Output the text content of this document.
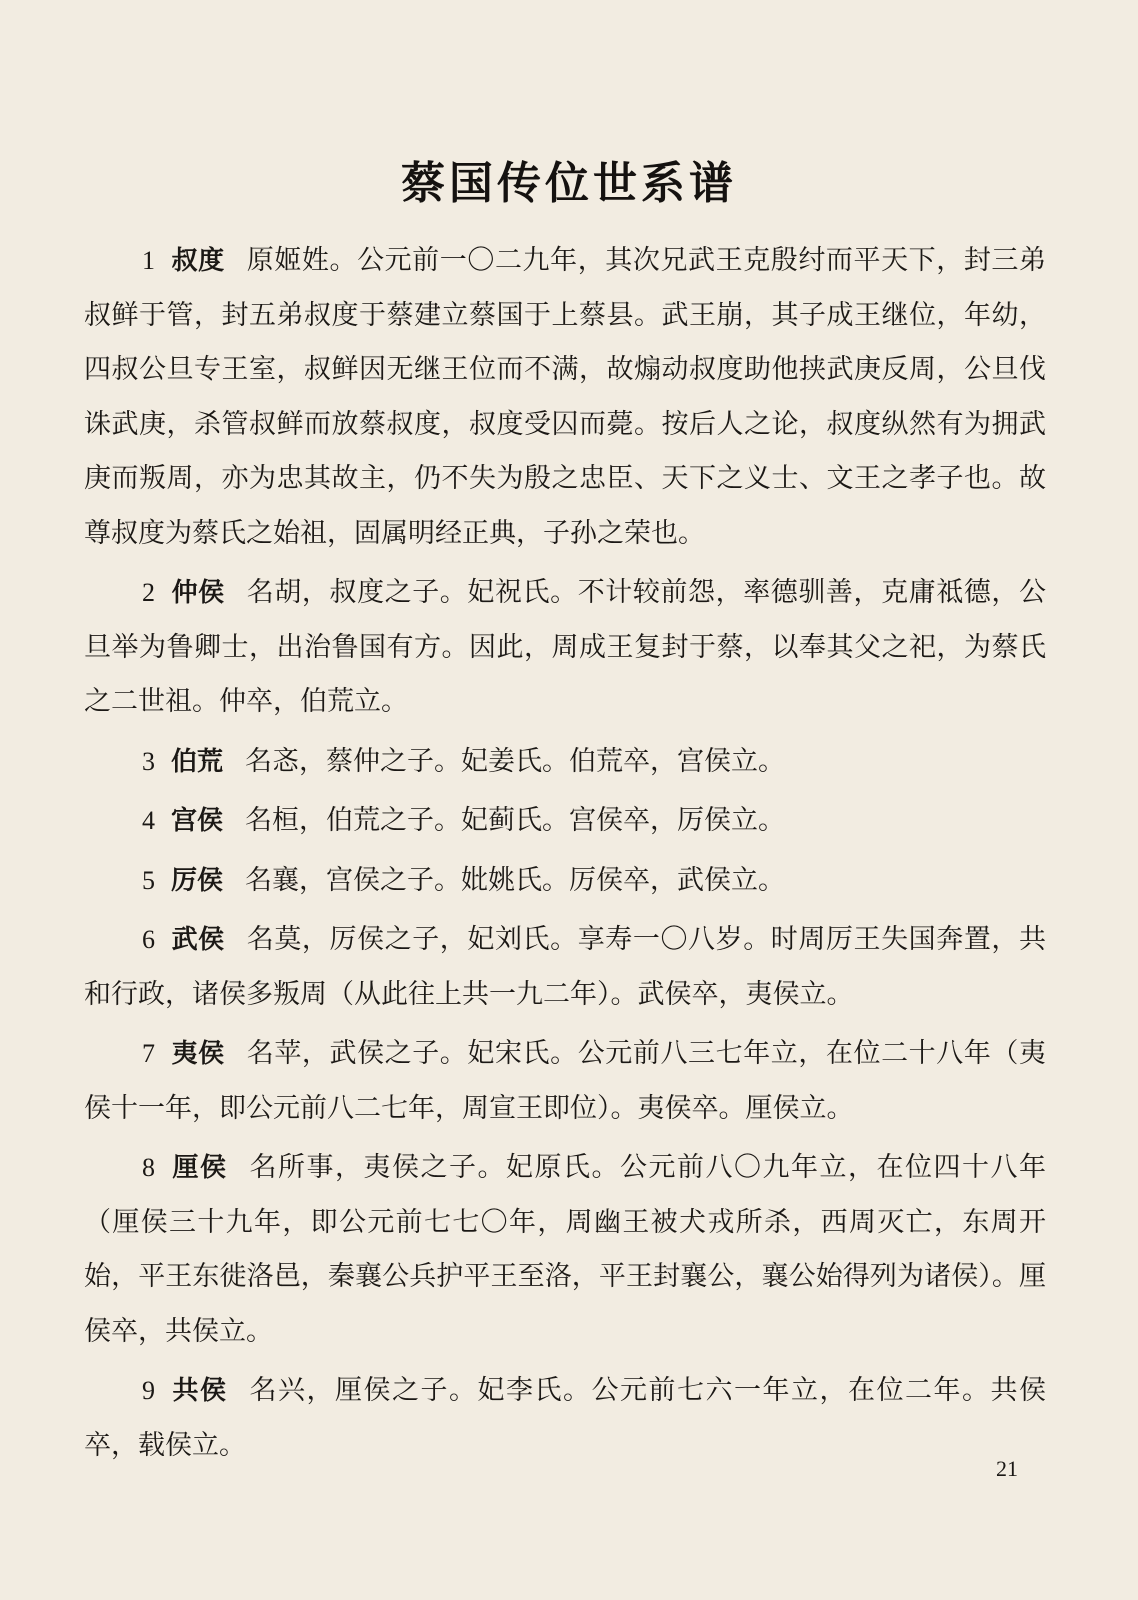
蔡国传位世系谱

1 叔度 原姬姓。公元前一〇二九年，其次兄武王克殷纣而平天下，封三弟叔鲜于管，封五弟叔度于蔡建立蔡国于上蔡县。武王崩，其子成王继位，年幼，四叔公旦专王室，叔鲜因无继王位而不满，故煽动叔度助他挟武庚反周，公旦伐诛武庚，杀管叔鲜而放蔡叔度，叔度受囚而薨。按后人之论，叔度纵然有为拥武庚而叛周，亦为忠其故主，仍不失为殷之忠臣、天下之义士、文王之孝子也。故尊叔度为蔡氏之始祖，固属明经正典，子孙之荣也。

2 仲侯 名胡，叔度之子。妃祝氏。不计较前怨，率德驯善，克庸祗德，公旦举为鲁卿士，出治鲁国有方。因此，周成王复封于蔡，以奉其父之祀，为蔡氏之二世祖。仲卒，伯荒立。

3 伯荒 名忞，蔡仲之子。妃姜氏。伯荒卒，宫侯立。

4 宫侯 名桓，伯荒之子。妃蓟氏。宫侯卒，厉侯立。

5 厉侯 名襄，宫侯之子。妣姚氏。厉侯卒，武侯立。

6 武侯 名莫，厉侯之子，妃刘氏。享寿一〇八岁。时周厉王失国奔置，共和行政，诸侯多叛周（从此往上共一九二年）。武侯卒，夷侯立。

7 夷侯 名苹，武侯之子。妃宋氏。公元前八三七年立，在位二十八年（夷侯十一年，即公元前八二七年，周宣王即位）。夷侯卒。厘侯立。

8 厘侯 名所事，夷侯之子。妃原氏。公元前八〇九年立，在位四十八年（厘侯三十九年，即公元前七七〇年，周幽王被犬戎所杀，西周灭亡，东周开始，平王东徙洛邑，秦襄公兵护平王至洛，平王封襄公，襄公始得列为诸侯）。厘侯卒，共侯立。

9 共侯 名兴，厘侯之子。妃李氏。公元前七六一年立，在位二年。共侯卒，载侯立。

21
